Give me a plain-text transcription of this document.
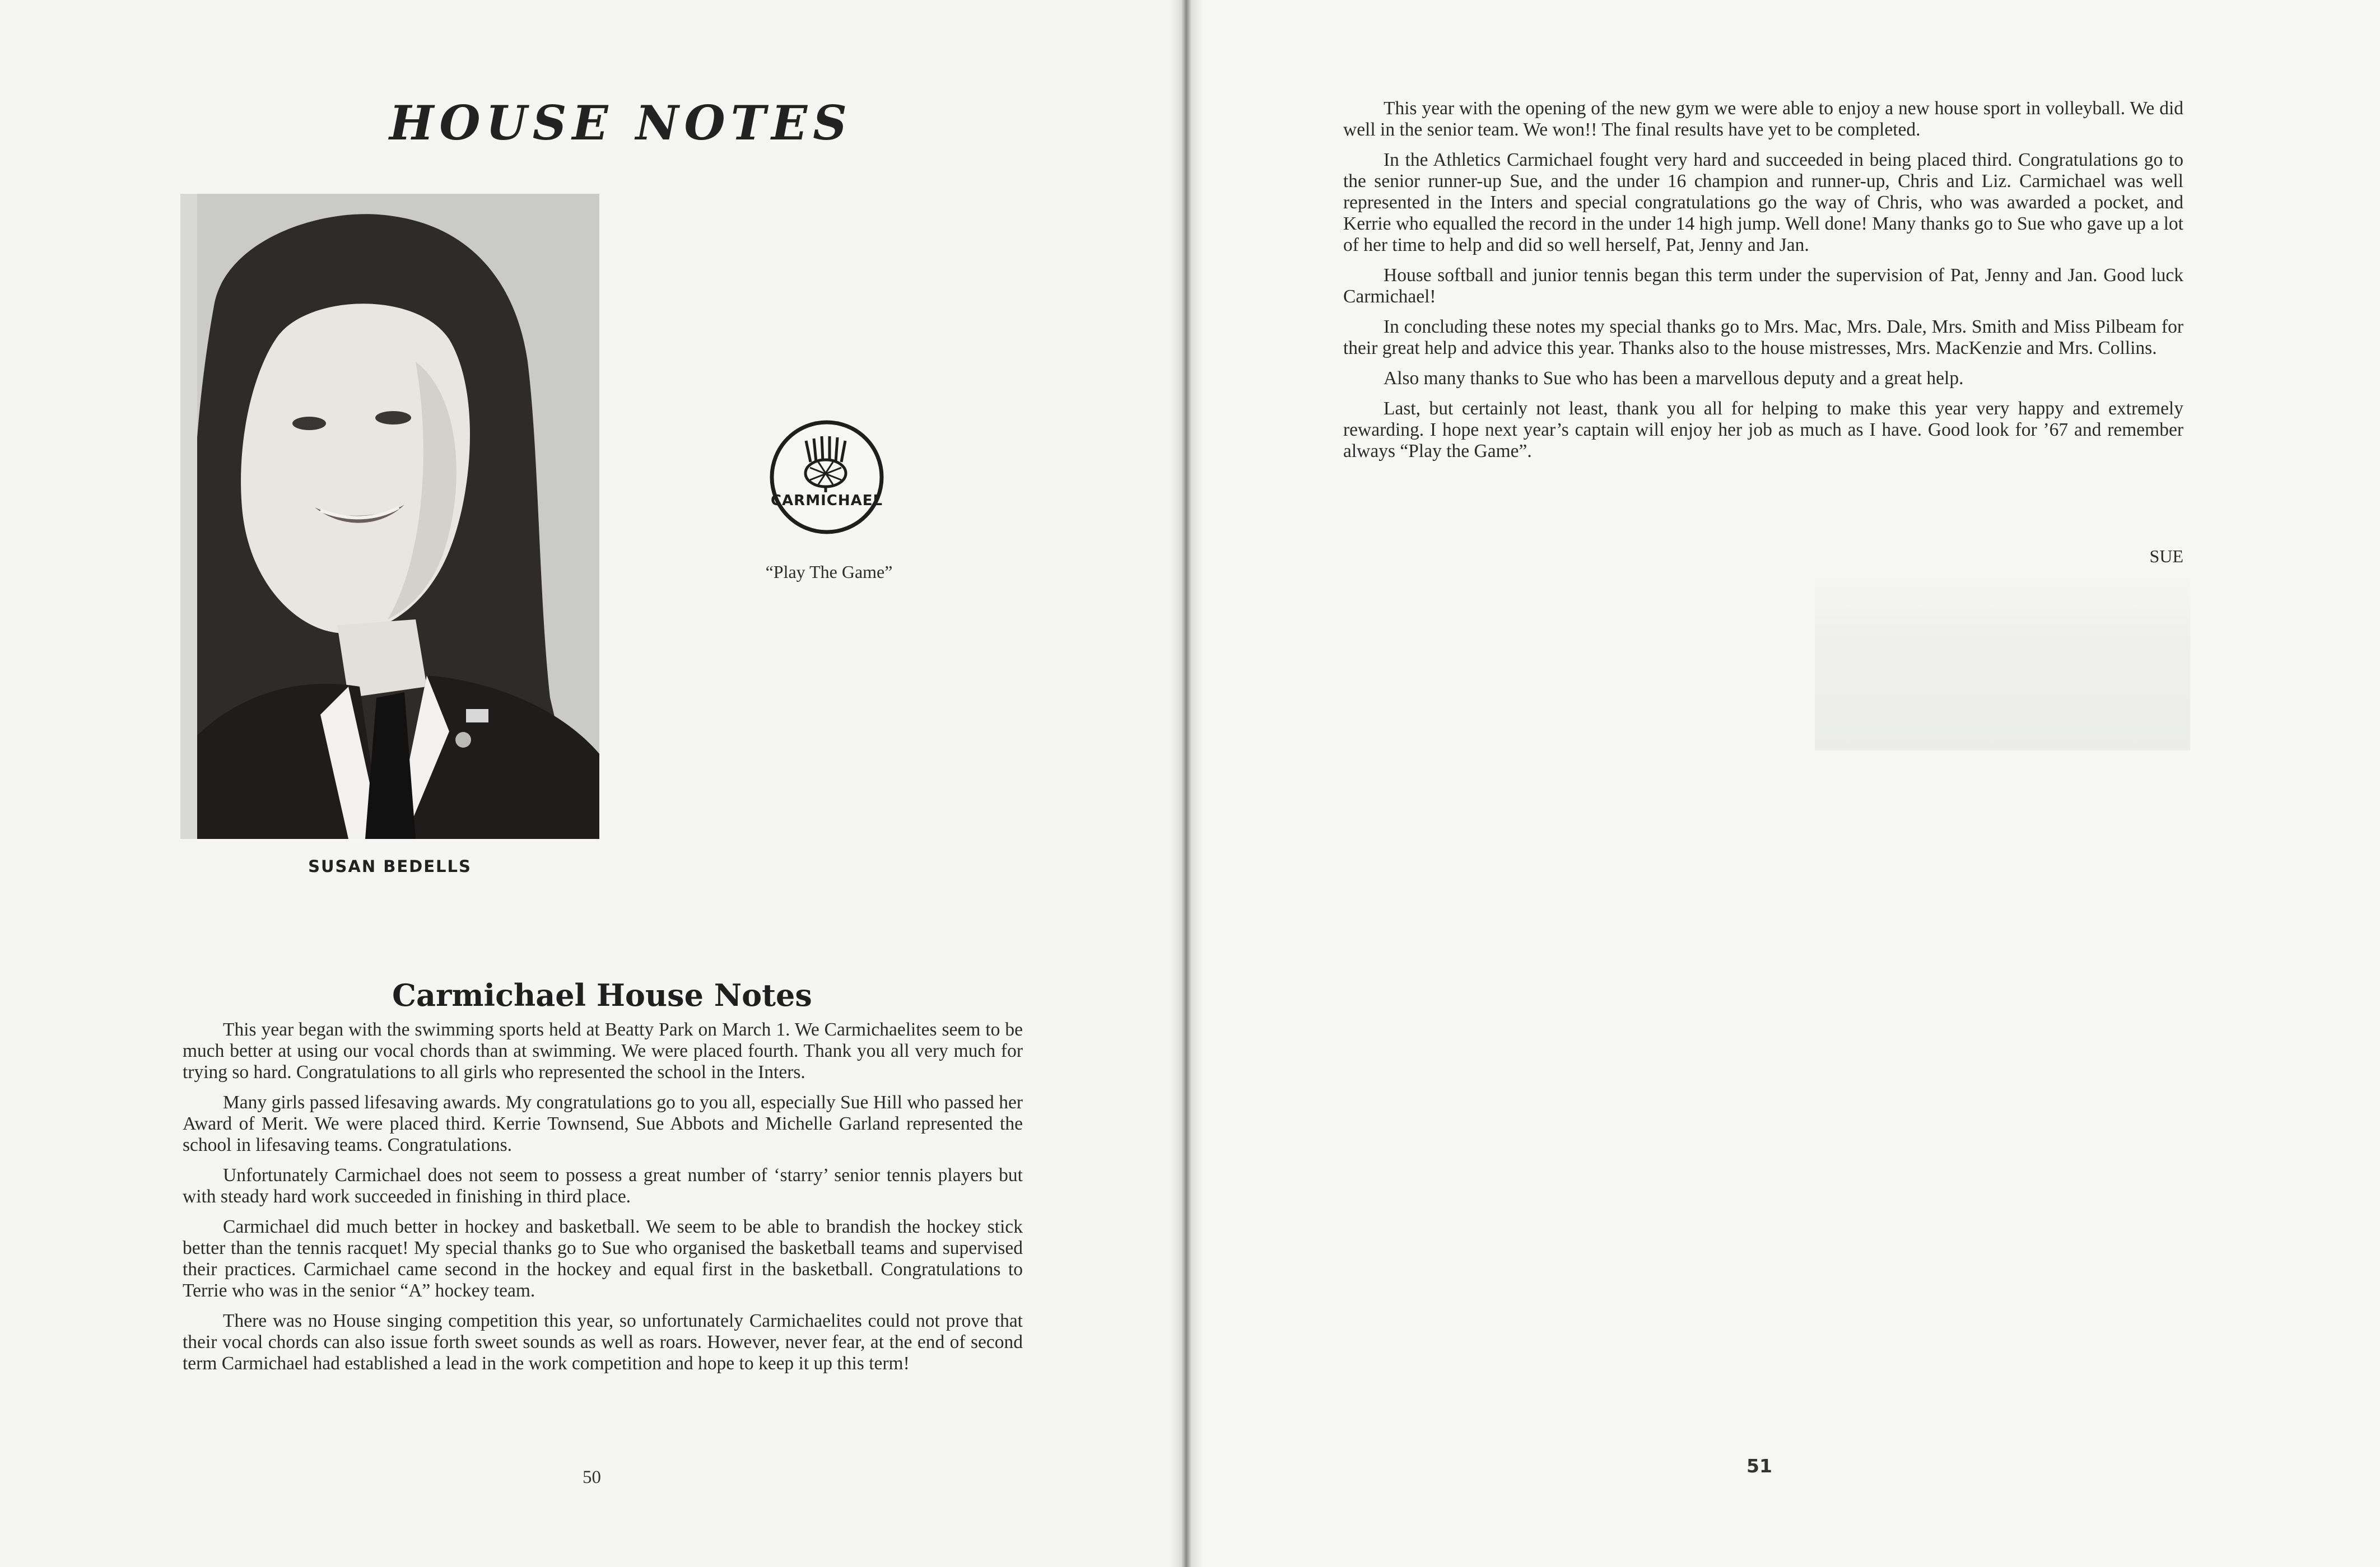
HOUSE NOTES
SUSAN BEDELLS
CARMICHAEL
“Play The Game”
Carmichael House Notes

This year began with the swimming sports held at Beatty Park on March 1. We Carmichaelites seem to be much better at using our vocal chords than at swimming. We were placed fourth. Thank you all very much for trying so hard. Congratulations to all girls who represented the school in the Inters.

Many girls passed lifesaving awards. My congratulations go to you all, especially Sue Hill who passed her Award of Merit. We were placed third. Kerrie Townsend, Sue Abbots and Michelle Garland represented the school in lifesaving teams. Congratulations.

Unfortunately Carmichael does not seem to possess a great number of ‘starry’ senior tennis players but with steady hard work succeeded in finishing in third place.

Carmichael did much better in hockey and basketball. We seem to be able to brandish the hockey stick better than the tennis racquet! My special thanks go to Sue who organised the basketball teams and supervised their practices. Carmichael came second in the hockey and equal first in the basketball. Congratulations to Terrie who was in the senior “A” hockey team.

There was no House singing competition this year, so unfortunately Carmichaelites could not prove that their vocal chords can also issue forth sweet sounds as well as roars. However, never fear, at the end of second term Carmichael had established a lead in the work competition and hope to keep it up this term!

50

This year with the opening of the new gym we were able to enjoy a new house sport in volleyball. We did well in the senior team. We won!! The final results have yet to be completed.

In the Athletics Carmichael fought very hard and succeeded in being placed third. Congratulations go to the senior runner-up Sue, and the under 16 champion and runner-up, Chris and Liz. Carmichael was well represented in the Inters and special congratulations go the way of Chris, who was awarded a pocket, and Kerrie who equalled the record in the under 14 high jump. Well done! Many thanks go to Sue who gave up a lot of her time to help and did so well herself, Pat, Jenny and Jan.

House softball and junior tennis began this term under the supervision of Pat, Jenny and Jan. Good luck Carmichael!

In concluding these notes my special thanks go to Mrs. Mac, Mrs. Dale, Mrs. Smith and Miss Pilbeam for their great help and advice this year. Thanks also to the house mistresses, Mrs. MacKenzie and Mrs. Collins.

Also many thanks to Sue who has been a marvellous deputy and a great help.

Last, but certainly not least, thank you all for helping to make this year very happy and extremely rewarding. I hope next year’s captain will enjoy her job as much as I have. Good look for ’67 and remember always “Play the Game”.

SUE
51
